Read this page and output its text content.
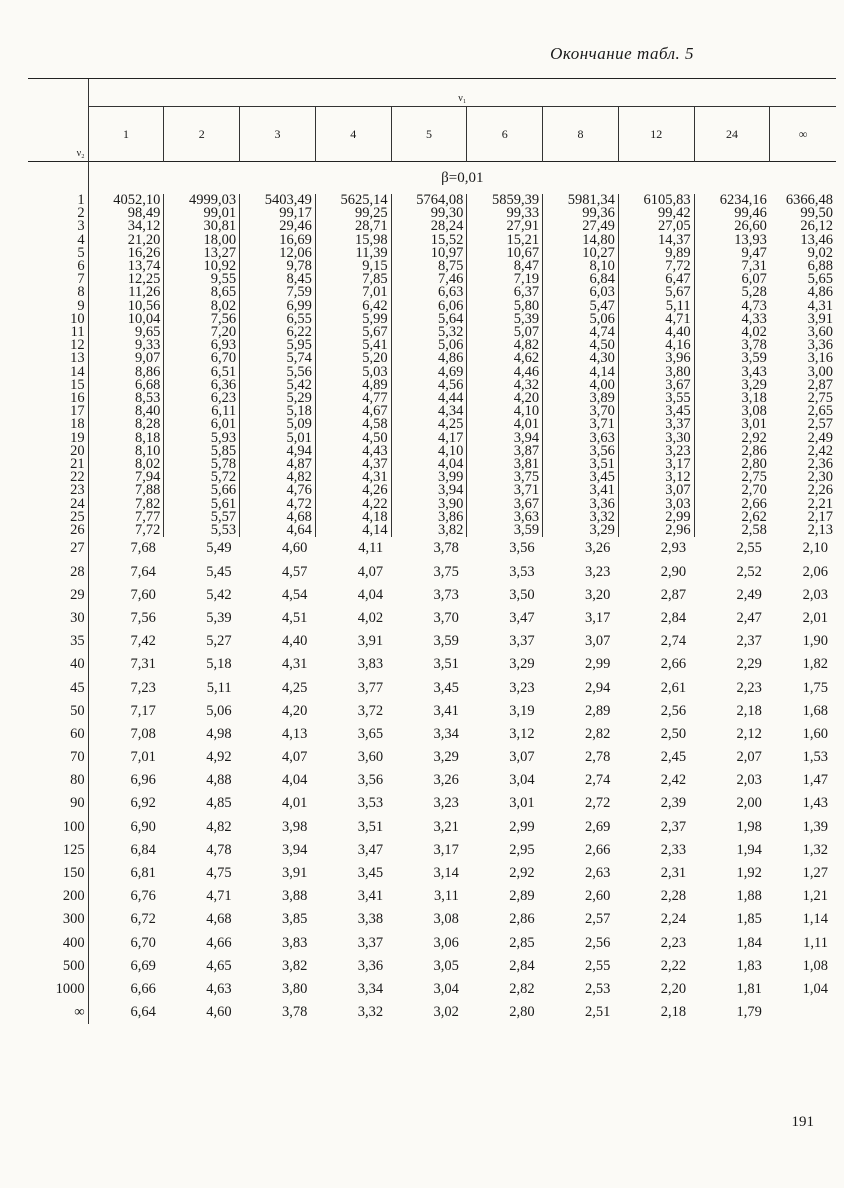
Окончание табл. 5

ν₂	ν₁									
	1	2	3	4	5	6	8	12	24	∞
	β=0,01									
1	4052,10	4999,03	5403,49	5625,14	5764,08	5859,39	5981,34	6105,83	6234,16	6366,48
2	98,49	99,01	99,17	99,25	99,30	99,33	99,36	99,42	99,46	99,50
3	34,12	30,81	29,46	28,71	28,24	27,91	27,49	27,05	26,60	26,12
4	21,20	18,00	16,69	15,98	15,52	15,21	14,80	14,37	13,93	13,46
5	16,26	13,27	12,06	11,39	10,97	10,67	10,27	9,89	9,47	9,02
6	13,74	10,92	9,78	9,15	8,75	8,47	8,10	7,72	7,31	6,88
7	12,25	9,55	8,45	7,85	7,46	7,19	6,84	6,47	6,07	5,65
8	11,26	8,65	7,59	7,01	6,63	6,37	6,03	5,67	5,28	4,86
9	10,56	8,02	6,99	6,42	6,06	5,80	5,47	5,11	4,73	4,31
10	10,04	7,56	6,55	5,99	5,64	5,39	5,06	4,71	4,33	3,91
11	9,65	7,20	6,22	5,67	5,32	5,07	4,74	4,40	4,02	3,60
12	9,33	6,93	5,95	5,41	5,06	4,82	4,50	4,16	3,78	3,36
13	9,07	6,70	5,74	5,20	4,86	4,62	4,30	3,96	3,59	3,16
14	8,86	6,51	5,56	5,03	4,69	4,46	4,14	3,80	3,43	3,00
15	6,68	6,36	5,42	4,89	4,56	4,32	4,00	3,67	3,29	2,87
16	8,53	6,23	5,29	4,77	4,44	4,20	3,89	3,55	3,18	2,75
17	8,40	6,11	5,18	4,67	4,34	4,10	3,70	3,45	3,08	2,65
18	8,28	6,01	5,09	4,58	4,25	4,01	3,71	3,37	3,01	2,57
19	8,18	5,93	5,01	4,50	4,17	3,94	3,63	3,30	2,92	2,49
20	8,10	5,85	4,94	4,43	4,10	3,87	3,56	3,23	2,86	2,42
21	8,02	5,78	4,87	4,37	4,04	3,81	3,51	3,17	2,80	2,36
22	7,94	5,72	4,82	4,31	3,99	3,75	3,45	3,12	2,75	2,30
23	7,88	5,66	4,76	4,26	3,94	3,71	3,41	3,07	2,70	2,26
24	7,82	5,61	4,72	4,22	3,90	3,67	3,36	3,03	2,66	2,21
25	7,77	5,57	4,68	4,18	3,86	3,63	3,32	2,99	2,62	2,17
26	7,72	5,53	4,64	4,14	3,82	3,59	3,29	2,96	2,58	2,13
27	7,68	5,49	4,60	4,11	3,78	3,56	3,26	2,93	2,55	2,10
28	7,64	5,45	4,57	4,07	3,75	3,53	3,23	2,90	2,52	2,06
29	7,60	5,42	4,54	4,04	3,73	3,50	3,20	2,87	2,49	2,03
30	7,56	5,39	4,51	4,02	3,70	3,47	3,17	2,84	2,47	2,01
35	7,42	5,27	4,40	3,91	3,59	3,37	3,07	2,74	2,37	1,90
40	7,31	5,18	4,31	3,83	3,51	3,29	2,99	2,66	2,29	1,82
45	7,23	5,11	4,25	3,77	3,45	3,23	2,94	2,61	2,23	1,75
50	7,17	5,06	4,20	3,72	3,41	3,19	2,89	2,56	2,18	1,68
60	7,08	4,98	4,13	3,65	3,34	3,12	2,82	2,50	2,12	1,60
70	7,01	4,92	4,07	3,60	3,29	3,07	2,78	2,45	2,07	1,53
80	6,96	4,88	4,04	3,56	3,26	3,04	2,74	2,42	2,03	1,47
90	6,92	4,85	4,01	3,53	3,23	3,01	2,72	2,39	2,00	1,43
100	6,90	4,82	3,98	3,51	3,21	2,99	2,69	2,37	1,98	1,39
125	6,84	4,78	3,94	3,47	3,17	2,95	2,66	2,33	1,94	1,32
150	6,81	4,75	3,91	3,45	3,14	2,92	2,63	2,31	1,92	1,27
200	6,76	4,71	3,88	3,41	3,11	2,89	2,60	2,28	1,88	1,21
300	6,72	4,68	3,85	3,38	3,08	2,86	2,57	2,24	1,85	1,14
400	6,70	4,66	3,83	3,37	3,06	2,85	2,56	2,23	1,84	1,11
500	6,69	4,65	3,82	3,36	3,05	2,84	2,55	2,22	1,83	1,08
1000	6,66	4,63	3,80	3,34	3,04	2,82	2,53	2,20	1,81	1,04
∞	6,64	4,60	3,78	3,32	3,02	2,80	2,51	2,18	1,79	
191
